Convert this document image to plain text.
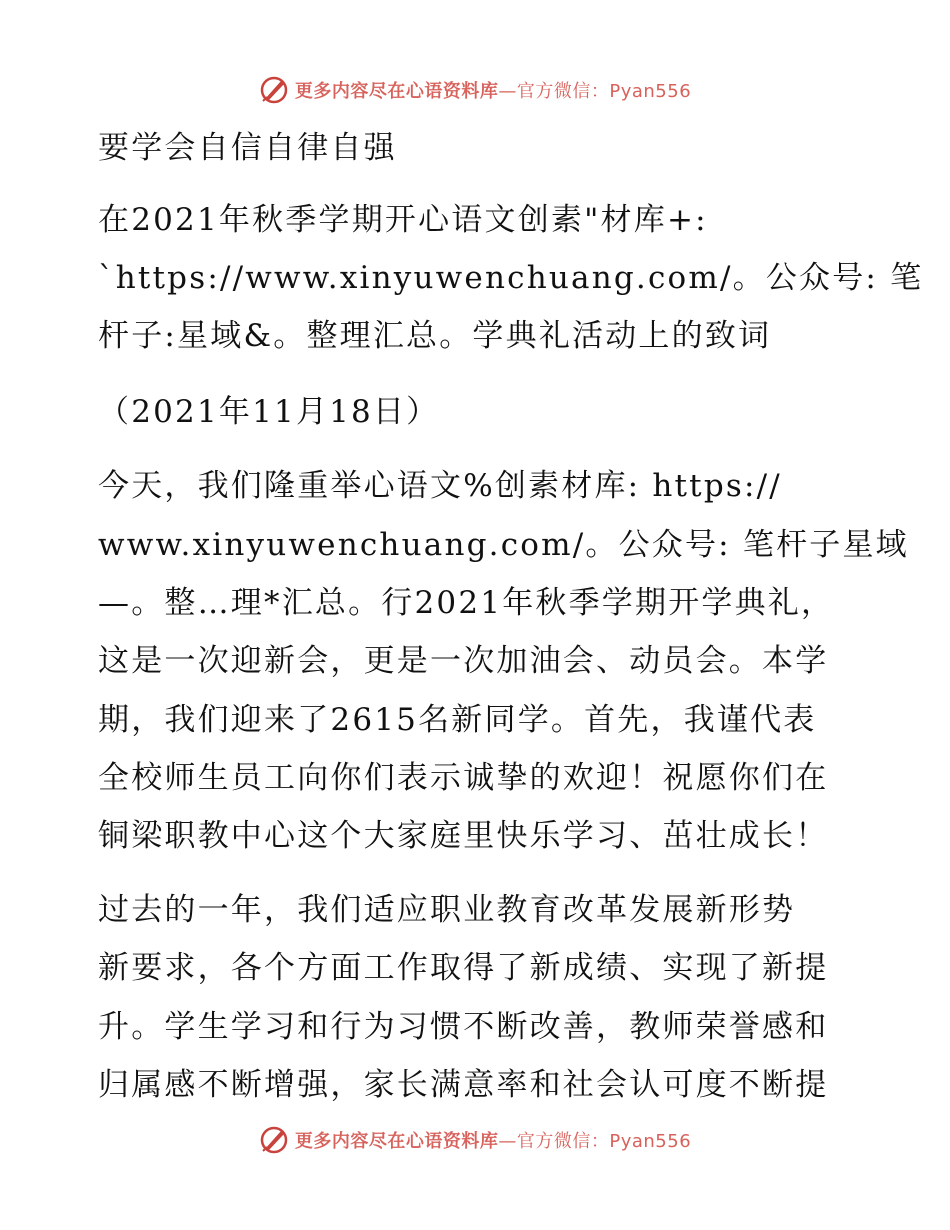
更多内容尽在心语资料库—官方微信：Pyan556
要学会自信自律自强
在2021年秋季学期开心语文创素"材库+:
`https://www.xinyuwenchuang.com/。公众号: 笔
杆子:星域&。整理汇总。学典礼活动上的致词
（2021年11月18日）
今天，我们隆重举心语文%创素材库: https://
www.xinyuwenchuang.com/。公众号: 笔杆子星域
—。整…理*汇总。行2021年秋季学期开学典礼，
这是一次迎新会，更是一次加油会、动员会。本学
期，我们迎来了2615名新同学。首先，我谨代表
全校师生员工向你们表示诚挚的欢迎！祝愿你们在
铜梁职教中心这个大家庭里快乐学习、茁壮成长！
过去的一年，我们适应职业教育改革发展新形势
新要求，各个方面工作取得了新成绩、实现了新提
升。学生学习和行为习惯不断改善，教师荣誉感和
归属感不断增强，家长满意率和社会认可度不断提
更多内容尽在心语资料库—官方微信：Pyan556
